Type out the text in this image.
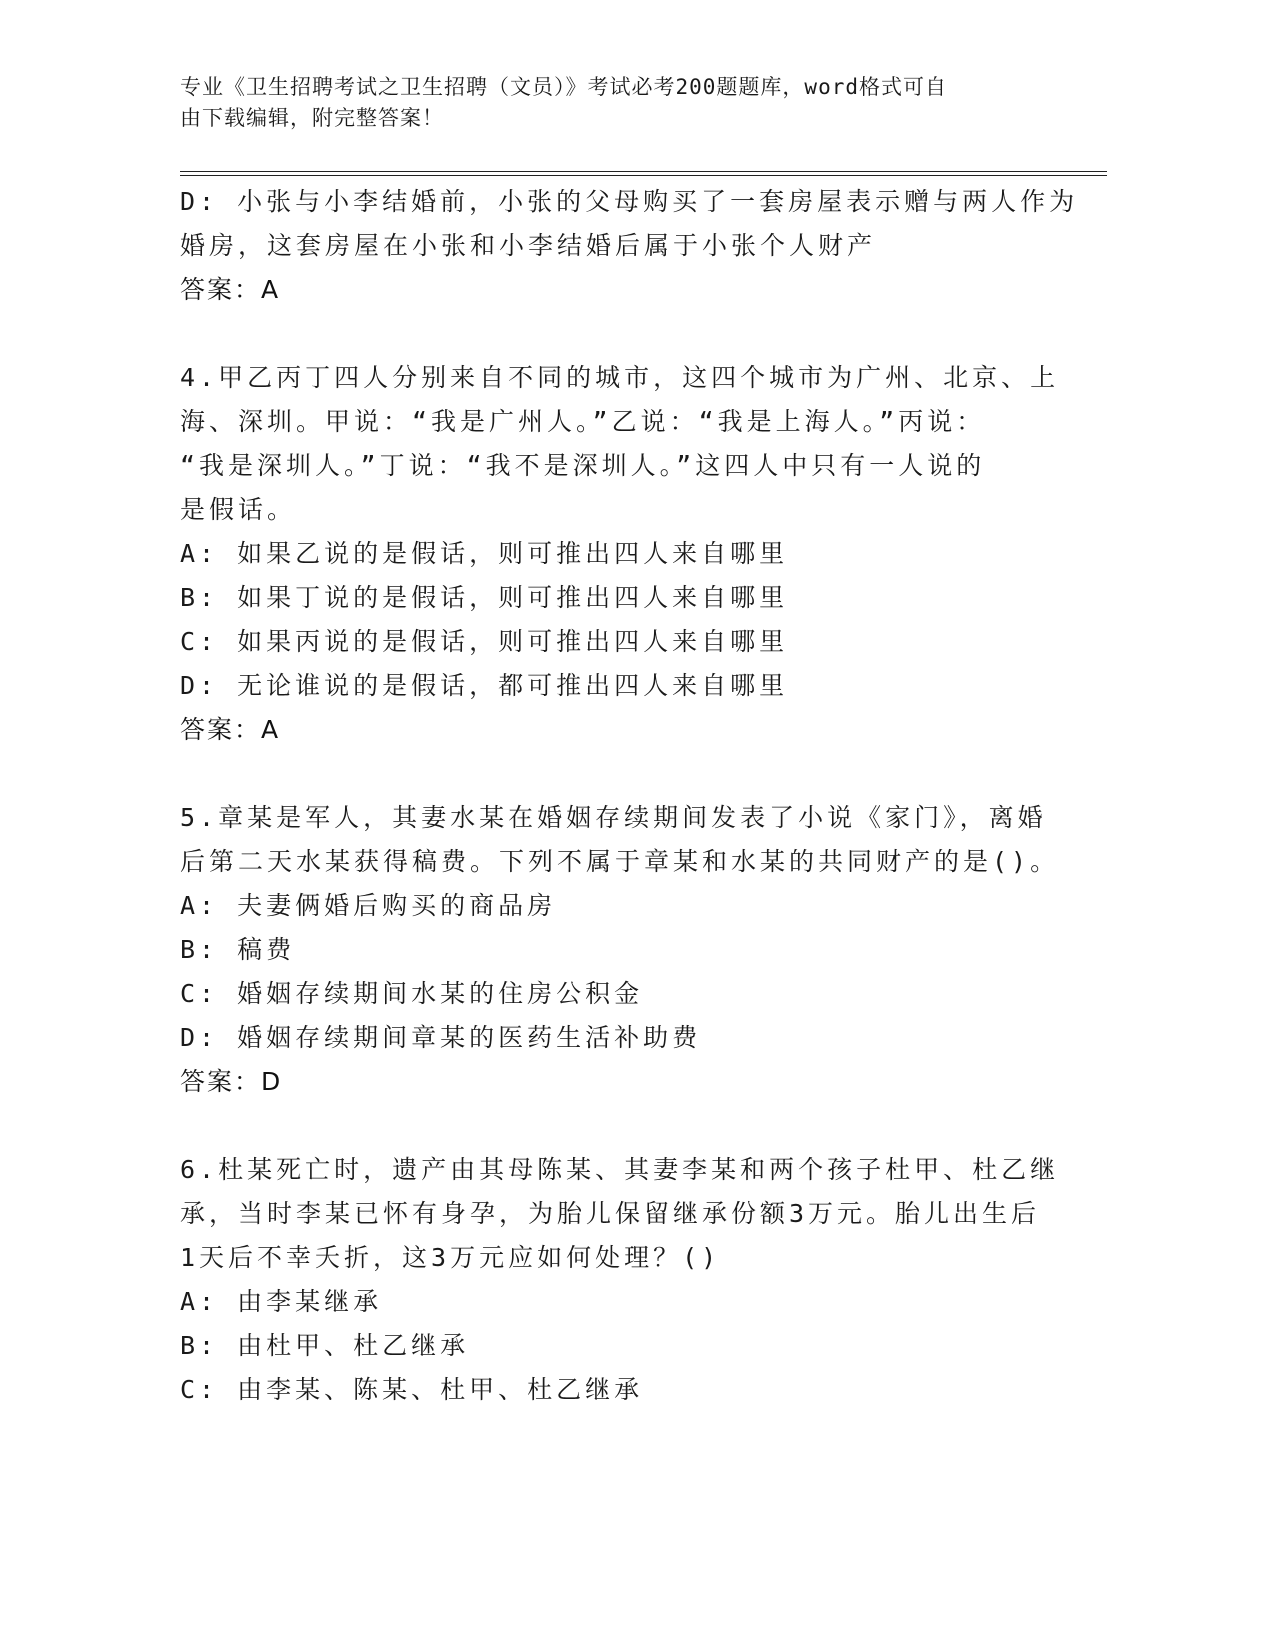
专业《卫生招聘考试之卫生招聘（文员）》考试必考200题题库，word格式可自
由下载编辑，附完整答案！
D: 小张与小李结婚前，小张的父母购买了一套房屋表示赠与两人作为
婚房，这套房屋在小张和小李结婚后属于小张个人财产
答案：A
4.甲乙丙丁四人分别来自不同的城市，这四个城市为广州、北京、上
海、深圳。甲说：“我是广州人。”乙说：“我是上海人。”丙说：
“我是深圳人。”丁说：“我不是深圳人。”这四人中只有一人说的
是假话。
A: 如果乙说的是假话，则可推出四人来自哪里
B: 如果丁说的是假话，则可推出四人来自哪里
C: 如果丙说的是假话，则可推出四人来自哪里
D: 无论谁说的是假话，都可推出四人来自哪里
答案：A
5.章某是军人，其妻水某在婚姻存续期间发表了小说《家门》，离婚
后第二天水某获得稿费。下列不属于章某和水某的共同财产的是()。
A: 夫妻俩婚后购买的商品房
B: 稿费
C: 婚姻存续期间水某的住房公积金
D: 婚姻存续期间章某的医药生活补助费
答案：D
6.杜某死亡时，遗产由其母陈某、其妻李某和两个孩子杜甲、杜乙继
承，当时李某已怀有身孕，为胎儿保留继承份额3万元。胎儿出生后
1天后不幸夭折，这3万元应如何处理？()
A: 由李某继承
B: 由杜甲、杜乙继承
C: 由李某、陈某、杜甲、杜乙继承
